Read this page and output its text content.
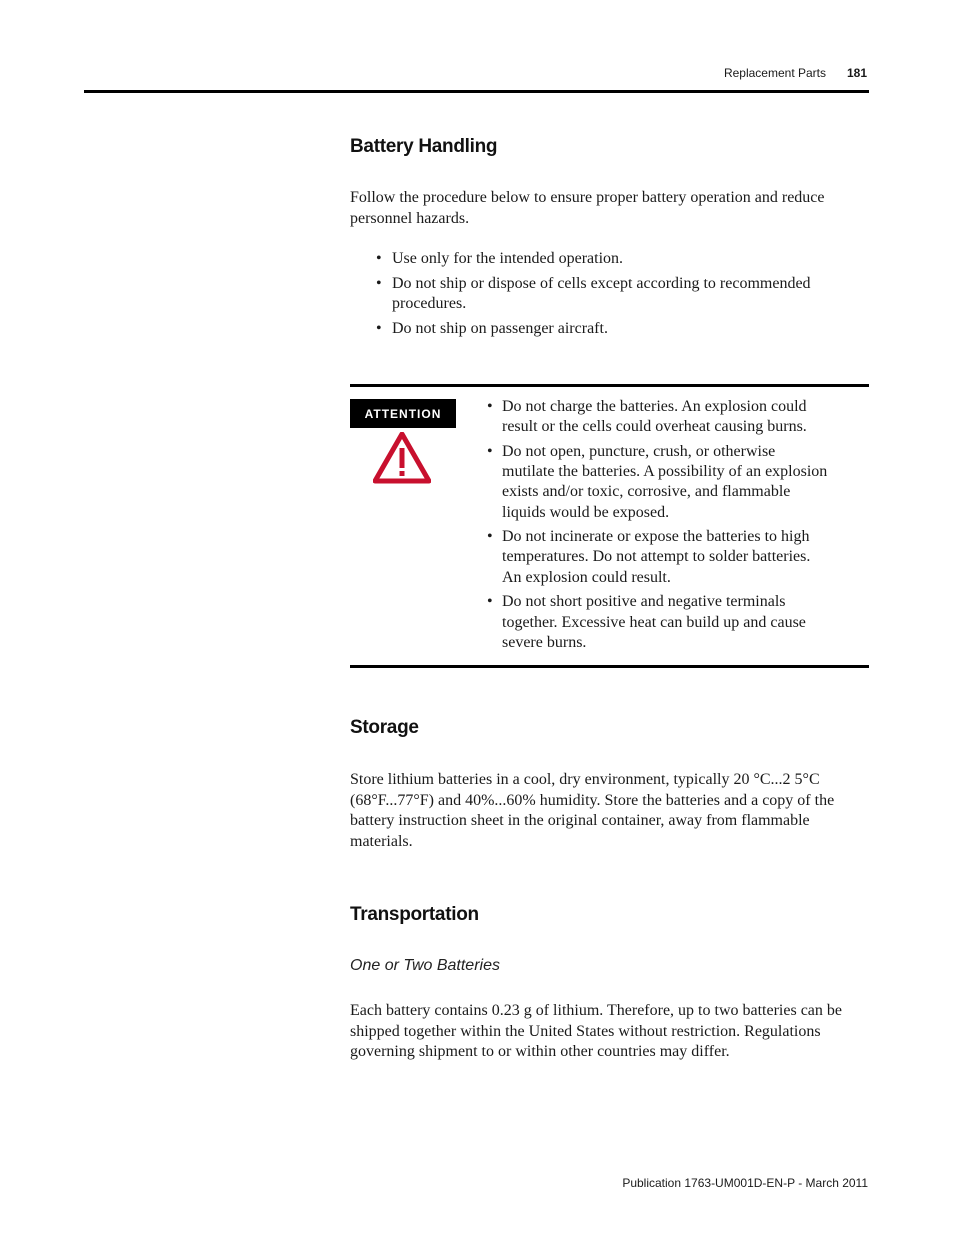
Replacement Parts 181
Battery Handling

Follow the procedure below to ensure proper battery operation and reduce personnel hazards.

• Use only for the intended operation.
• Do not ship or dispose of cells except according to recommended procedures.
• Do not ship on passenger aircraft.
ATTENTION
•	Do not charge the batteries. An explosion could result or the cells could overheat causing burns.
• Do not open, puncture, crush, or otherwise mutilate the batteries. A possibility of an explosion exists and/or toxic, corrosive, and flammable liquids would be exposed.
• Do not incinerate or expose the batteries to high temperatures. Do not attempt to solder batteries. An explosion could result.
• Do not short positive and negative terminals together. Excessive heat can build up and cause severe burns.
Storage

Store lithium batteries in a cool, dry environment, typically 20 °C...2 5°C (68°F...77°F) and 40%...60% humidity. Store the batteries and a copy of the battery instruction sheet in the original container, away from flammable materials.

Transportation
One or Two Batteries

Each battery contains 0.23 g of lithium. Therefore, up to two batteries can be shipped together within the United States without restriction. Regulations governing shipment to or within other countries may differ.

Publication 1763-UM001D-EN-P - March 2011
